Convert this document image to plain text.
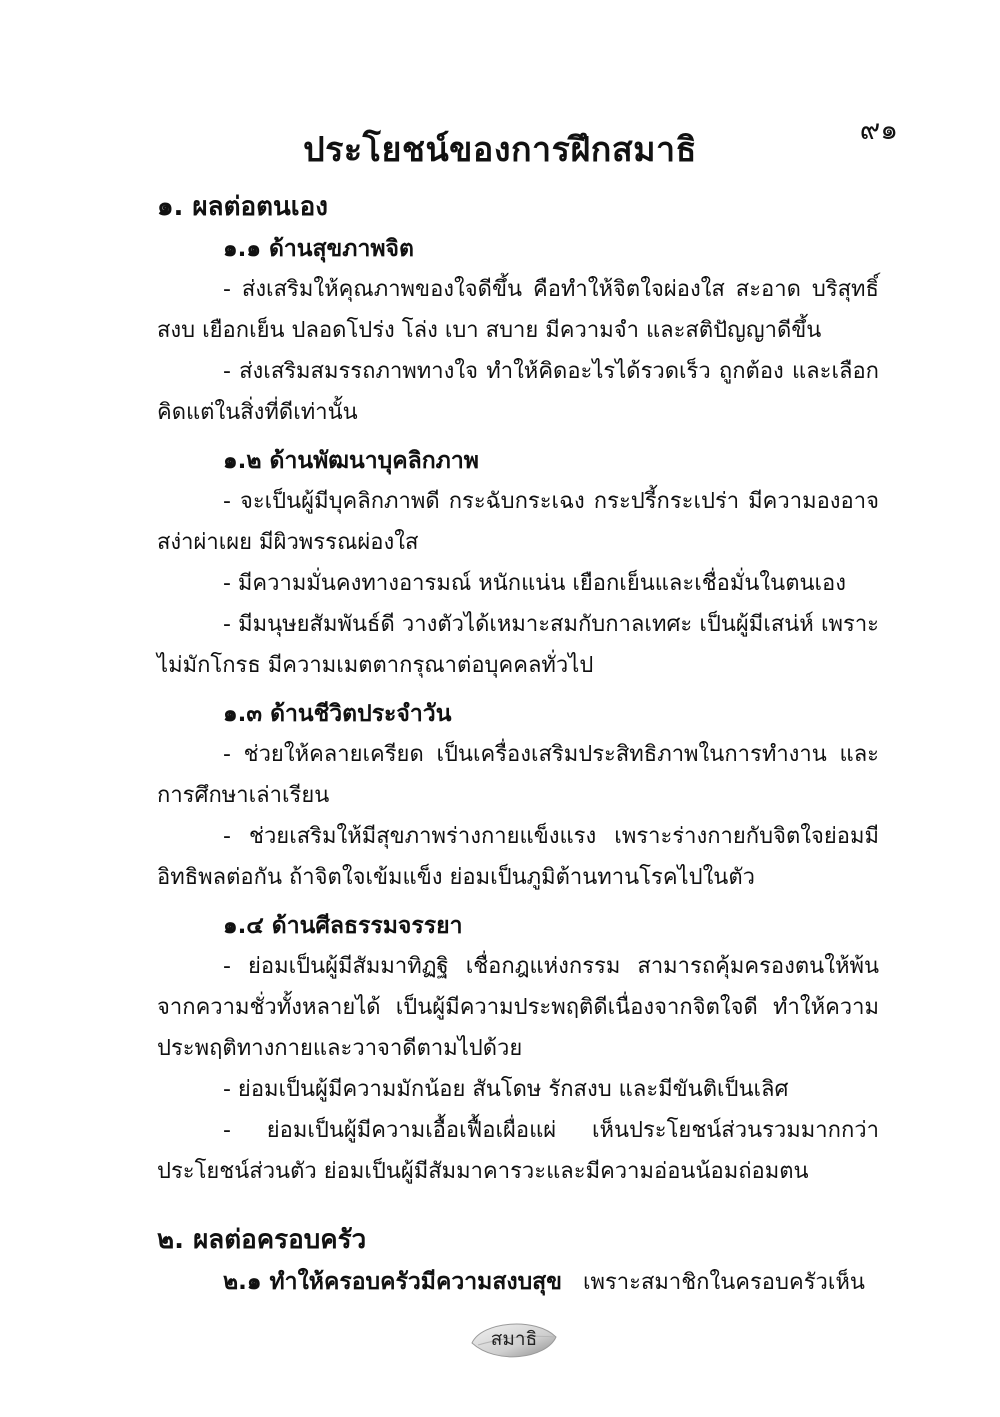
๙๑
ประโยชน์ของการฝึกสมาธิ

๑. ผลต่อตนเอง

๑.๑ ด้านสุขภาพจิต

- ส่งเสริมให้คุณภาพของใจดีขึ้น คือทำให้จิตใจผ่องใส สะอาด บริสุทธิ์ สงบ เยือกเย็น ปลอดโปร่ง โล่ง เบา สบาย มีความจำ และสติปัญญาดีขึ้น

- ส่งเสริมสมรรถภาพทางใจ ทำให้คิดอะไรได้รวดเร็ว ถูกต้อง และเลือกคิดแต่ในสิ่งที่ดีเท่านั้น

๑.๒ ด้านพัฒนาบุคลิกภาพ

- จะเป็นผู้มีบุคลิกภาพดี กระฉับกระเฉง กระปรี้กระเปร่า มีความองอาจสง่าผ่าเผย มีผิวพรรณผ่องใส

- มีความมั่นคงทางอารมณ์ หนักแน่น เยือกเย็นและเชื่อมั่นในตนเอง

- มีมนุษยสัมพันธ์ดี วางตัวได้เหมาะสมกับกาลเทศะ เป็นผู้มีเสน่ห์ เพราะไม่มักโกรธ มีความเมตตากรุณาต่อบุคคลทั่วไป

๑.๓ ด้านชีวิตประจำวัน

- ช่วยให้คลายเครียด เป็นเครื่องเสริมประสิทธิภาพในการทำงาน และการศึกษาเล่าเรียน

- ช่วยเสริมให้มีสุขภาพร่างกายแข็งแรง เพราะร่างกายกับจิตใจย่อมมีอิทธิพลต่อกัน ถ้าจิตใจเข้มแข็ง ย่อมเป็นภูมิต้านทานโรคไปในตัว

๑.๔ ด้านศีลธรรมจรรยา

- ย่อมเป็นผู้มีสัมมาทิฏฐิ เชื่อกฎแห่งกรรม สามารถคุ้มครองตนให้พ้นจากความชั่วทั้งหลายได้ เป็นผู้มีความประพฤติดีเนื่องจากจิตใจดี ทำให้ความประพฤติทางกายและวาจาดีตามไปด้วย

- ย่อมเป็นผู้มีความมักน้อย สันโดษ รักสงบ และมีขันติเป็นเลิศ

- ย่อมเป็นผู้มีความเอื้อเฟื้อเผื่อแผ่ เห็นประโยชน์ส่วนรวมมากกว่าประโยชน์ส่วนตัว ย่อมเป็นผู้มีสัมมาคารวะและมีความอ่อนน้อมถ่อมตน

๒. ผลต่อครอบครัว

๒.๑ ทำให้ครอบครัวมีความสงบสุข เพราะสมาชิกในครอบครัวเห็น

สมาธิ
